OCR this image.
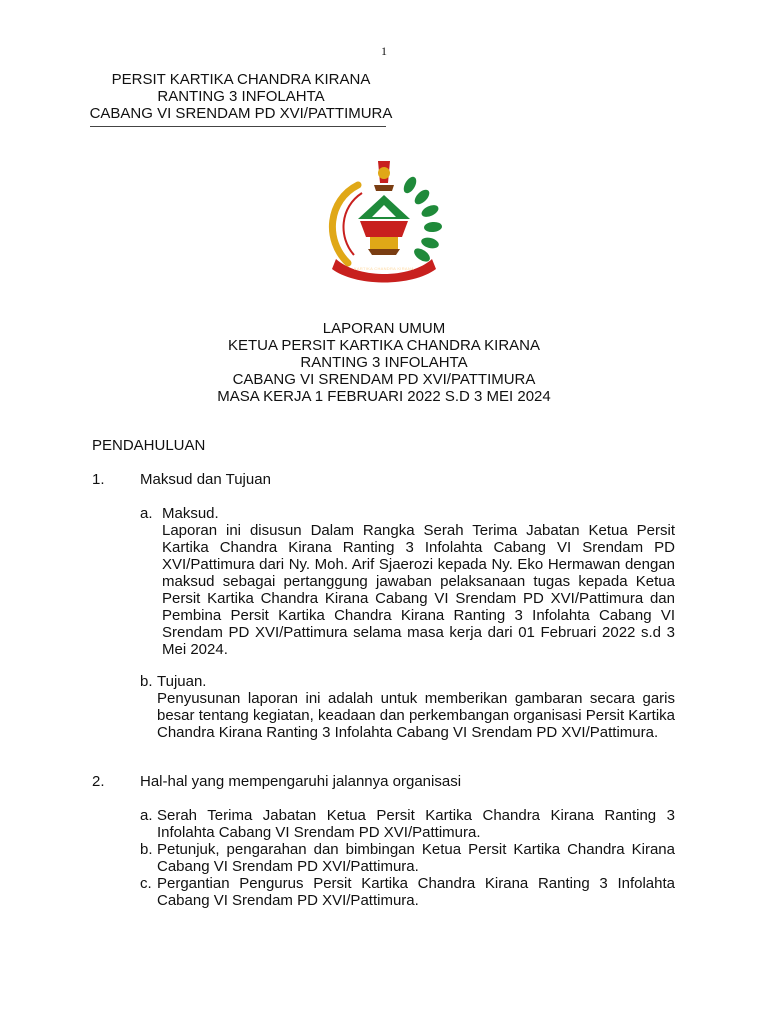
1
PERSIT KARTIKA CHANDRA KIRANA
RANTING 3 INFOLAHTA
CABANG VI SRENDAM PD XVI/PATTIMURA
KARTIKA CHANDRA KIRANA
LAPORAN UMUM
KETUA PERSIT KARTIKA CHANDRA KIRANA
RANTING 3 INFOLAHTA
CABANG VI SRENDAM PD XVI/PATTIMURA
MASA KERJA 1 FEBRUARI 2022 S.D 3 MEI 2024
PENDAHULUAN
1. Maksud dan Tujuan
a. Maksud.
Laporan ini disusun Dalam Rangka Serah Terima Jabatan Ketua Persit Kartika Chandra Kirana Ranting 3 Infolahta Cabang VI Srendam PD XVI/Pattimura dari Ny. Moh. Arif Sjaerozi kepada Ny. Eko Hermawan dengan maksud sebagai pertanggung jawaban pelaksanaan tugas kepada Ketua Persit Kartika Chandra Kirana Cabang VI Srendam PD XVI/Pattimura dan Pembina Persit Kartika Chandra Kirana Ranting 3 Infolahta Cabang VI Srendam PD XVI/Pattimura selama masa kerja dari 01 Februari 2022 s.d 3 Mei 2024.
b. Tujuan.
Penyusunan laporan ini adalah untuk memberikan gambaran secara garis besar tentang kegiatan, keadaan dan perkembangan organisasi Persit Kartika Chandra Kirana Ranting 3 Infolahta Cabang VI Srendam PD XVI/Pattimura.
2. Hal-hal yang mempengaruhi jalannya organisasi
a. Serah Terima Jabatan Ketua Persit Kartika Chandra Kirana Ranting 3 Infolahta Cabang VI Srendam PD XVI/Pattimura.
b. Petunjuk, pengarahan dan bimbingan Ketua Persit Kartika Chandra Kirana Cabang VI Srendam PD XVI/Pattimura.
c. Pergantian Pengurus Persit Kartika Chandra Kirana Ranting 3 Infolahta Cabang VI Srendam PD XVI/Pattimura.
